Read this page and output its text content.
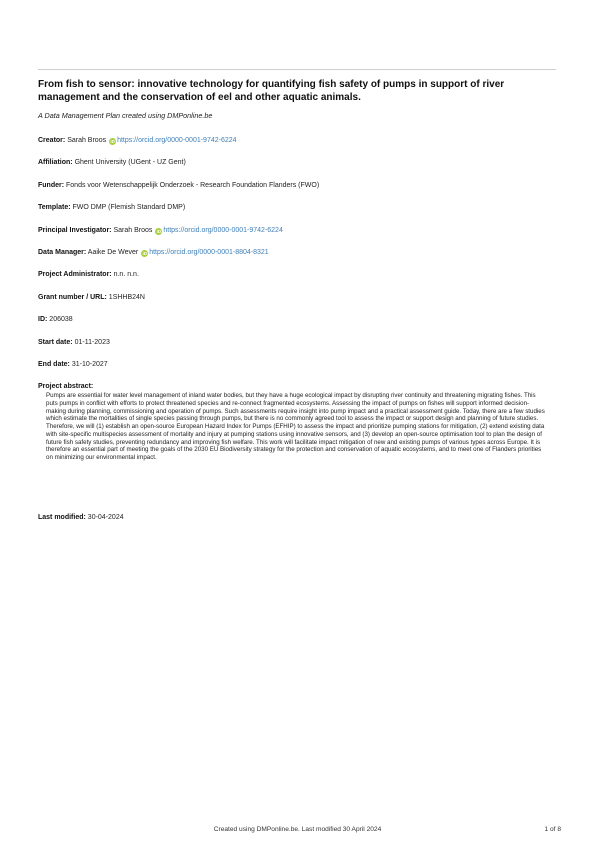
From fish to sensor: innovative technology for quantifying fish safety of pumps in support of river management and the conservation of eel and other aquatic animals.
A Data Management Plan created using DMPonline.be
Creator: Sarah Broos iD https://orcid.org/0000-0001-9742-6224
Affiliation: Ghent University (UGent - UZ Gent)
Funder: Fonds voor Wetenschappelijk Onderzoek - Research Foundation Flanders (FWO)
Template: FWO DMP (Flemish Standard DMP)
Principal Investigator: Sarah Broos iD https://orcid.org/0000-0001-9742-6224
Data Manager: Aaike De Wever iD https://orcid.org/0000-0001-8804-8321
Project Administrator: n.n. n.n.
Grant number / URL: 1SHHB24N
ID: 206038
Start date: 01-11-2023
End date: 31-10-2027
Project abstract:

Pumps are essential for water level management of inland water bodies, but they have a huge ecological impact by disrupting river continuity and threatening migrating fishes. This puts pumps in conflict with efforts to protect threatened species and re-connect fragmented ecosystems. Assessing the impact of pumps on fishes will support informed decision-making during planning, commissioning and operation of pumps. Such assessments require insight into pump impact and a practical assessment guide. Today, there are a few studies which estimate the mortalities of single species passing through pumps, but there is no commonly agreed tool to assess the impact or support design and planning of future studies. Therefore, we will (1) establish an open-source European Hazard Index for Pumps (EFHIP) to assess the impact and prioritize pumping stations for mitigation, (2) extend existing data with site-specific multispecies assessment of mortality and injury at pumping stations using innovative sensors, and (3) develop an open-source optimisation tool to plan the design of future fish safety studies, preventing redundancy and improving fish welfare. This work will facilitate impact mitigation of new and existing pumps of various types across Europe. It is therefore an essential part of meeting the goals of the 2030 EU Biodiversity strategy for the protection and conservation of aquatic ecosystems, and to meet one of Flanders priorities on minimizing our environmental impact.

Last modified: 30-04-2024
Created using DMPonline.be. Last modified 30 April 2024	1 of 8
